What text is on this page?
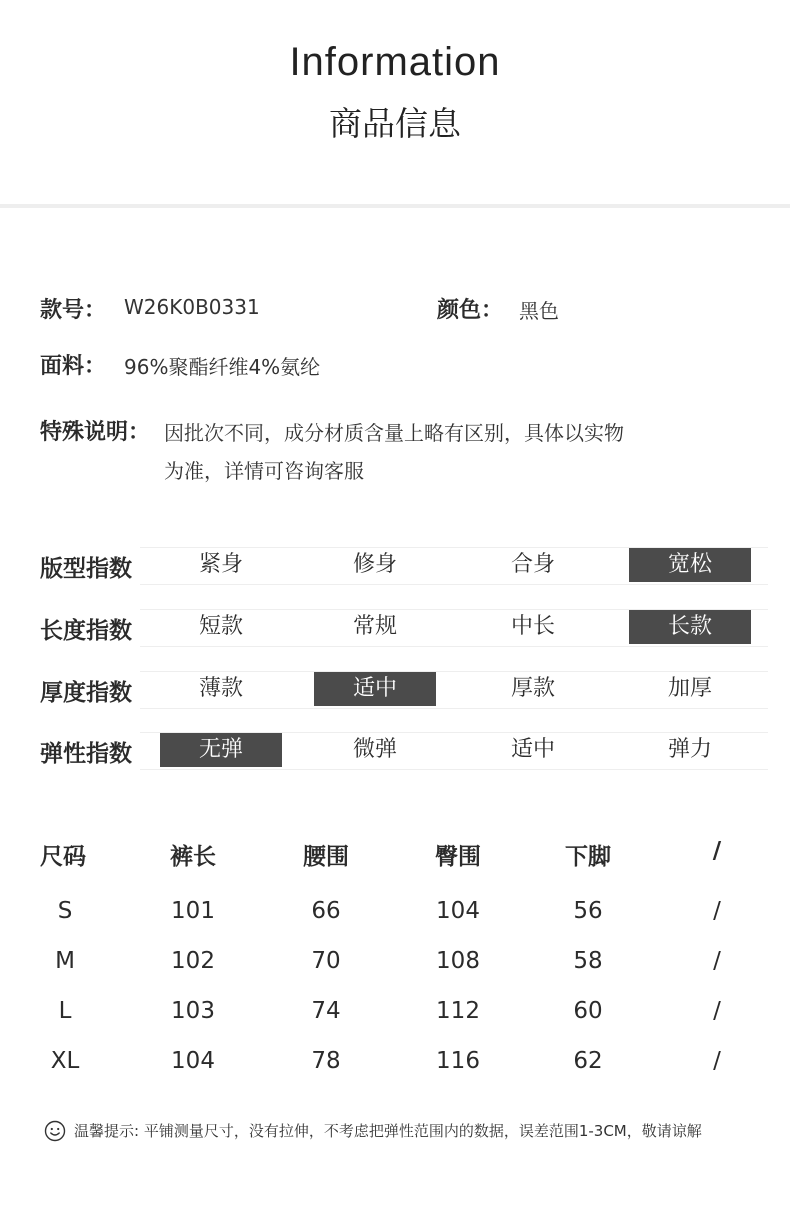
Information
商品信息
款号： W26K0B0331	颜色： 黑色
面料： 96%聚酯纤维4%氨纶
特殊说明： 因批次不同，成分材质含量上略有区别，具体以实物
为准，详情可咨询客服
版型指数	紧身	修身	合身	宽松
长度指数	短款	常规	中长	长款
厚度指数	薄款	适中	厚款	加厚
弹性指数	无弹	微弹	适中	弹力
尺码	裤长	腰围	臀围	下脚	/
S	101	66	104	56	/
M	102	70	108	58	/
L	103	74	112	60	/
XL	104	78	116	62	/
温馨提示: 平铺测量尺寸，没有拉伸，不考虑把弹性范围内的数据，误差范围1-3CM，敬请谅解
